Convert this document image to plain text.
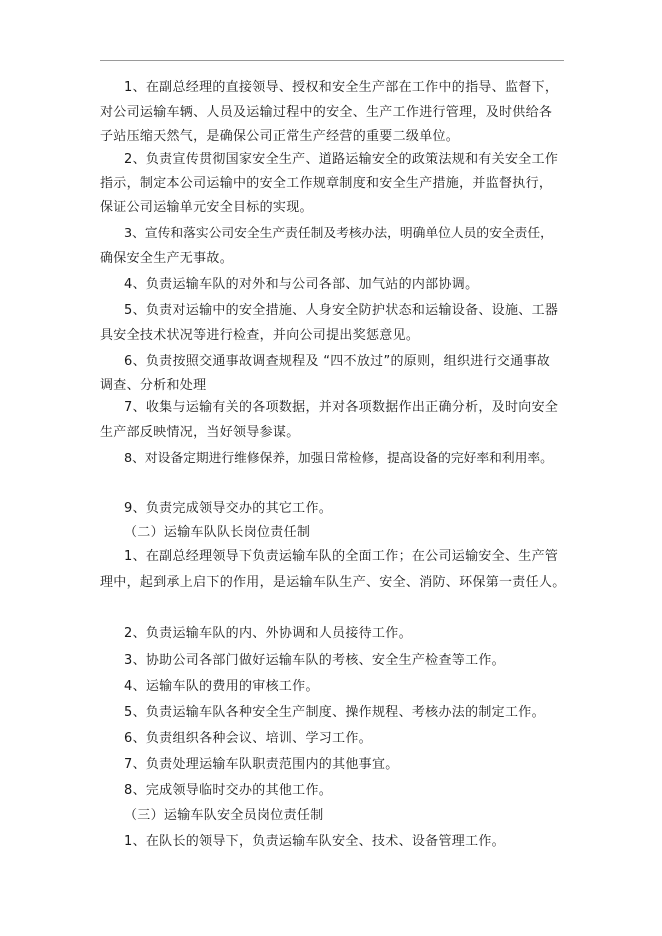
1、在副总经理的直接领导、授权和安全生产部在工作中的指导、监督下，
对公司运输车辆、人员及运输过程中的安全、生产工作进行管理，及时供给各
子站压缩天然气，是确保公司正常生产经营的重要二级单位。
2、负责宣传贯彻国家安全生产、道路运输安全的政策法规和有关安全工作
指示，制定本公司运输中的安全工作规章制度和安全生产措施，并监督执行，
保证公司运输单元安全目标的实现。
3、宣传和落实公司安全生产责任制及考核办法，明确单位人员的安全责任，
确保安全生产无事故。
4、负责运输车队的对外和与公司各部、加气站的内部协调。
5、负责对运输中的安全措施、人身安全防护状态和运输设备、设施、工器
具安全技术状况等进行检查，并向公司提出奖惩意见。
6、负责按照交通事故调查规程及 “四不放过”的原则，组织进行交通事故
调查、分析和处理
7、收集与运输有关的各项数据，并对各项数据作出正确分析，及时向安全
生产部反映情况，当好领导参谋。
8、对设备定期进行维修保养，加强日常检修，提高设备的完好率和利用率。
9、负责完成领导交办的其它工作。
（二）运输车队队长岗位责任制
1、在副总经理领导下负责运输车队的全面工作；在公司运输安全、生产管
理中，起到承上启下的作用，是运输车队生产、安全、消防、环保第一责任人。
2、负责运输车队的内、外协调和人员接待工作。
3、协助公司各部门做好运输车队的考核、安全生产检查等工作。
4、运输车队的费用的审核工作。
5、负责运输车队各种安全生产制度、操作规程、考核办法的制定工作。
6、负责组织各种会议、培训、学习工作。
7、负责处理运输车队职责范围内的其他事宜。
8、完成领导临时交办的其他工作。
（三）运输车队安全员岗位责任制
1、在队长的领导下，负责运输车队安全、技术、设备管理工作。
